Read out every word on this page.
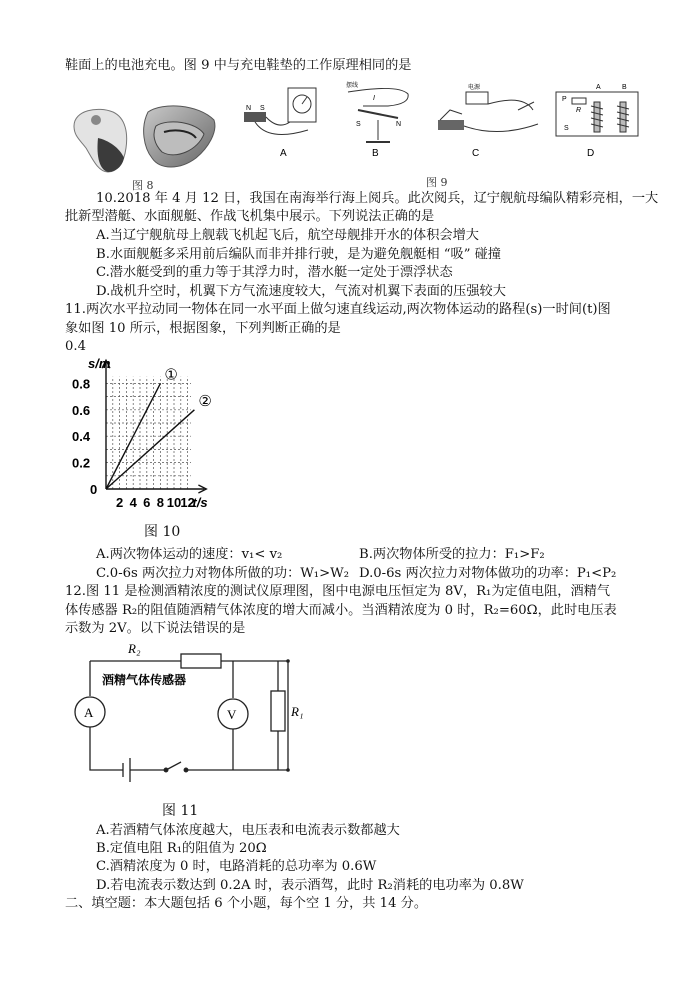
鞋面上的电池充电。图 9 中与充电鞋垫的工作原理相同的是
图 8
N S
A
摆线
I
S	N
B
电源
C
P
R
S
A	B
D
图 9
10.2018 年 4 月 12 日，我国在南海举行海上阅兵。此次阅兵，辽宁舰航母编队精彩亮相，一大
批新型潜艇、水面舰艇、作战飞机集中展示。下列说法正确的是
A.当辽宁舰航母上舰载飞机起飞后，航空母舰排开水的体积会增大
B.水面舰艇多采用前后编队而非并排行驶，是为避免舰艇相 “吸” 碰撞
C.潜水艇受到的重力等于其浮力时，潜水艇一定处于漂浮状态
D.战机升空时，机翼下方气流速度较大，气流对机翼下表面的压强较大
11.两次水平拉动同一物体在同一水平面上做匀速直线运动,两次物体运动的路程(s)一时间(t)图
象如图 10 所示，根据图象，下列判断正确的是
0.4
s/m
t/s
0
0.2
0.4
0.6
0.8
2 4 6 8 10 12
①
②
图 10
A.两次物体运动的速度：v₁< v₂	B.两次物体所受的拉力：F₁>F₂
C.0-6s 两次拉力对物体所做的功：W₁>W₂ D.0-6s 两次拉力对物体做功的功率：P₁<P₂
12.图 11 是检测酒精浓度的测试仪原理图，图中电源电压恒定为 8V，R₁为定值电阻，酒精气
体传感器 R₂的阻值随酒精气体浓度的增大而减小。当酒精浓度为 0 时，R₂=60Ω，此时电压表
示数为 2V。以下说法错误的是
R₂
酒精气体传感器
A	V	R₁
图 11
A.若酒精气体浓度越大，电压表和电流表示数都越大
B.定值电阻 R₁的阻值为 20Ω
C.酒精浓度为 0 时，电路消耗的总功率为 0.6W
D.若电流表示数达到 0.2A 时，表示酒驾，此时 R₂消耗的电功率为 0.8W
二、填空题：本大题包括 6 个小题，每个空 1 分，共 14 分。
